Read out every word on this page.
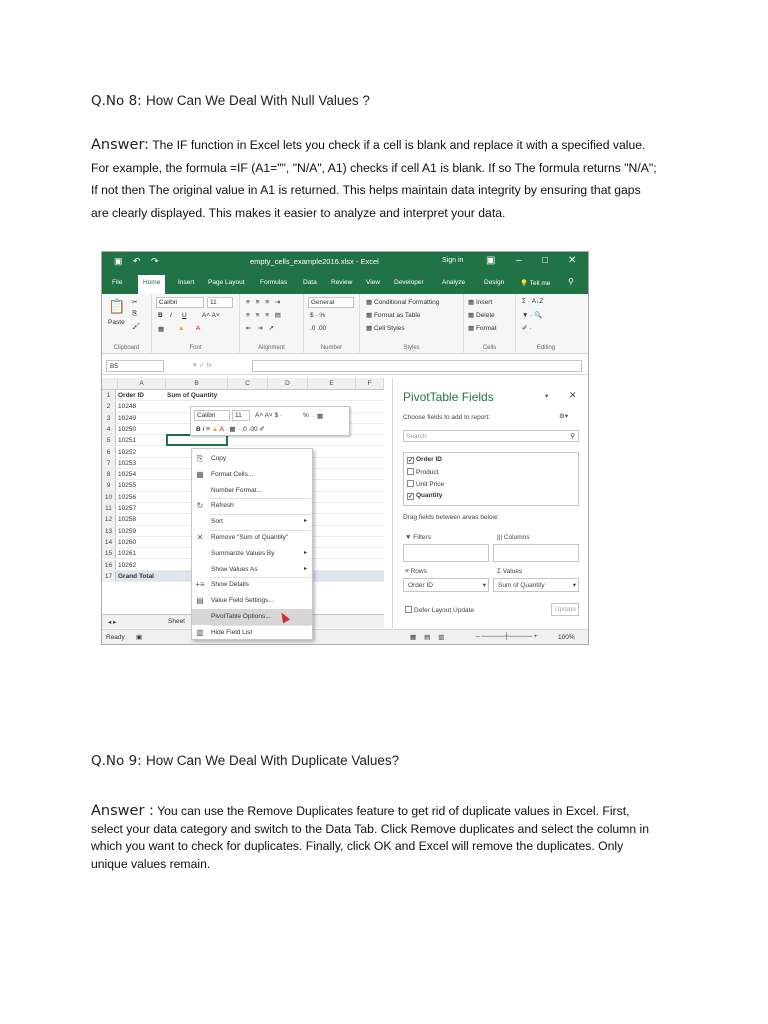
Q.No 8: How Can We Deal With Null Values ?
Answer: The IF function in Excel lets you check if a cell is blank and replace it with a specified value.
For example, the formula =IF (A1="", "N/A", A1) checks if cell A1 is blank. If so The formula returns "N/A";
If not then The original value in A1 is returned. This helps maintain data integrity by ensuring that gaps
are clearly displayed. This makes it easier to analyze and interpret your data.
▣ ↶ ↷	empty_cells_example2016.xlsx - Excel	Sign in ▣ – □ ✕
File	Home	Insert Page Layout Formulas Data Review View Developer	Analyze	Design 💡 Tell me ⚲
📋
Paste
✂
⎘
🖌
Clipboard
Calibri	11
B I U A˄ A˅
▦ ▲ A
Font
≡ ≡ ≡ ⇥
≡ ≡ ≡ ▤
⇤ ⇥ ↗
Alignment
General
$ · %
.0 .00
Number
▦ Conditional Formatting
▦ Format as Table
▦ Cell Styles
Styles
▦ Insert
▦ Delete
▦ Format
Cells
Σ · A↓Z
▼ · 🔍
✐ ·
Editing
B5	✕ ✓ fx
A	B	C	D	E	F
1	Order ID	Sum of Quantity
2	10248
3	10249
4	10250
5	10251
6	10252
7	10253
8	10254
9	10255
10 10256
11 10257
12 10258
13 10259
14 10260
15 10261
16 10262
17 Grand Total
◂ ▸	Sheet
Ready ▣	▦▤▥	– ─────┼───── +	100%
Calibri	11	A˄ A˅ $ ·	% · ▦
B I ≡ ▲ A · ▦ · .0 .00 ✐
⎘ Copy
▦ Format Cells...
Number Format...
↻ Refresh
Sort	▸
✕ Remove "Sum of Quantity"
Summarize Values By	▸
Show Values As	▸
+≡ Show Details
▤ Value Field Settings...
PivotTable Options...
▥ Hide Field List
PivotTable Fields	▾ ✕
Choose fields to add to report:	⚙▾
Search	⚲
✓ Order ID
Product
Unit Price
✓ Quantity
Drag fields between areas below:
▼ Filters	||| Columns
≡ Rows	Σ Values
Order ID	▾ Sum of Quantity	▾
Defer Layout Update	Update
Q.No 9: How Can We Deal With Duplicate Values?
Answer : You can use the Remove Duplicates feature to get rid of duplicate values in Excel. First,
select your data category and switch to the Data Tab. Click Remove duplicates and select the column in
which you want to check for duplicates. Finally, click OK and Excel will remove the duplicates. Only
unique values remain.
